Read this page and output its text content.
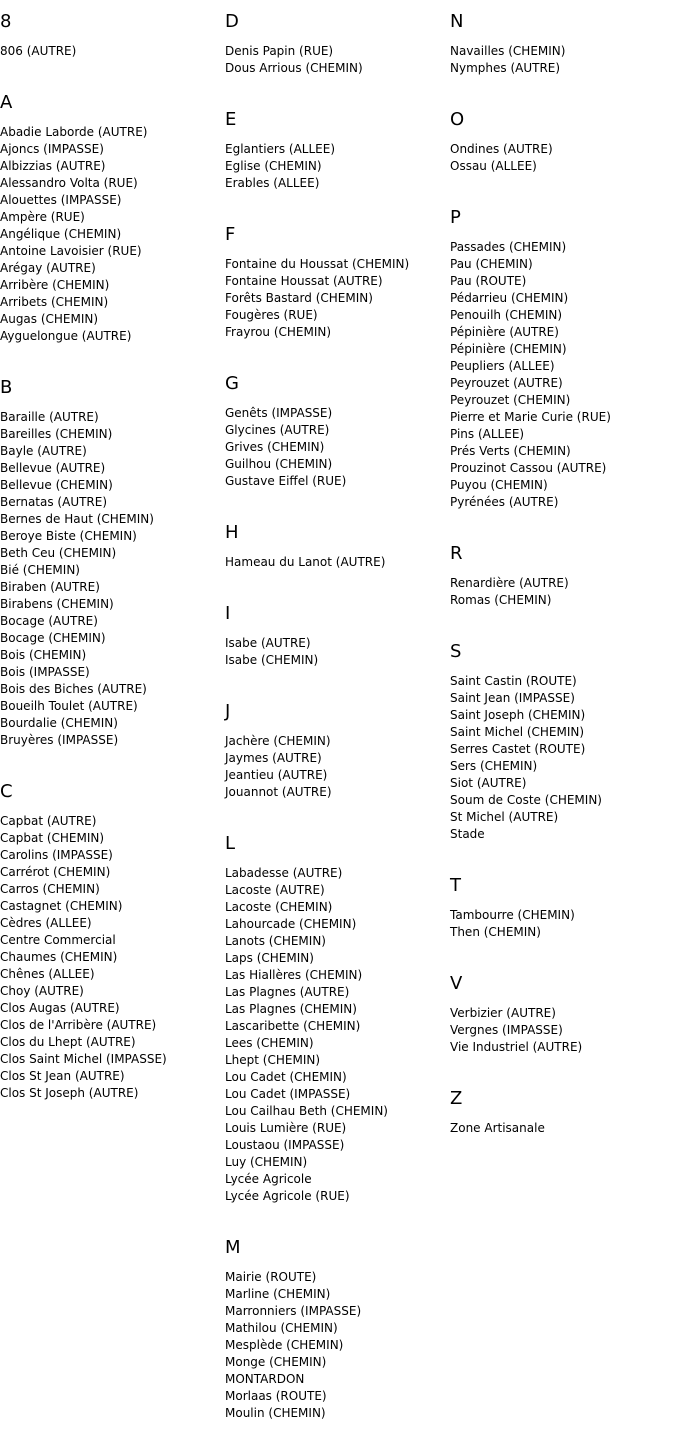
8
806 (AUTRE)
A
Abadie Laborde (AUTRE)
Ajoncs (IMPASSE)
Albizzias (AUTRE)
Alessandro Volta (RUE)
Alouettes (IMPASSE)
Ampère (RUE)
Angélique (CHEMIN)
Antoine Lavoisier (RUE)
Arégay (AUTRE)
Arribère (CHEMIN)
Arribets (CHEMIN)
Augas (CHEMIN)
Ayguelongue (AUTRE)
B
Baraille (AUTRE)
Bareilles (CHEMIN)
Bayle (AUTRE)
Bellevue (AUTRE)
Bellevue (CHEMIN)
Bernatas (AUTRE)
Bernes de Haut (CHEMIN)
Beroye Biste (CHEMIN)
Beth Ceu (CHEMIN)
Bié (CHEMIN)
Biraben (AUTRE)
Birabens (CHEMIN)
Bocage (AUTRE)
Bocage (CHEMIN)
Bois (CHEMIN)
Bois (IMPASSE)
Bois des Biches (AUTRE)
Boueilh Toulet (AUTRE)
Bourdalie (CHEMIN)
Bruyères (IMPASSE)
C
Capbat (AUTRE)
Capbat (CHEMIN)
Carolins (IMPASSE)
Carrérot (CHEMIN)
Carros (CHEMIN)
Castagnet (CHEMIN)
Cèdres (ALLEE)
Centre Commercial
Chaumes (CHEMIN)
Chênes (ALLEE)
Choy (AUTRE)
Clos Augas (AUTRE)
Clos de l'Arribère (AUTRE)
Clos du Lhept (AUTRE)
Clos Saint Michel (IMPASSE)
Clos St Jean (AUTRE)
Clos St Joseph (AUTRE)
D
Denis Papin (RUE)
Dous Arrious (CHEMIN)
E
Eglantiers (ALLEE)
Eglise (CHEMIN)
Erables (ALLEE)
F
Fontaine du Houssat (CHEMIN)
Fontaine Houssat (AUTRE)
Forêts Bastard (CHEMIN)
Fougères (RUE)
Frayrou (CHEMIN)
G
Genêts (IMPASSE)
Glycines (AUTRE)
Grives (CHEMIN)
Guilhou (CHEMIN)
Gustave Eiffel (RUE)
H
Hameau du Lanot (AUTRE)
I
Isabe (AUTRE)
Isabe (CHEMIN)
J
Jachère (CHEMIN)
Jaymes (AUTRE)
Jeantieu (AUTRE)
Jouannot (AUTRE)
L
Labadesse (AUTRE)
Lacoste (AUTRE)
Lacoste (CHEMIN)
Lahourcade (CHEMIN)
Lanots (CHEMIN)
Laps (CHEMIN)
Las Hiallères (CHEMIN)
Las Plagnes (AUTRE)
Las Plagnes (CHEMIN)
Lascaribette (CHEMIN)
Lees (CHEMIN)
Lhept (CHEMIN)
Lou Cadet (CHEMIN)
Lou Cadet (IMPASSE)
Lou Cailhau Beth (CHEMIN)
Louis Lumière (RUE)
Loustaou (IMPASSE)
Luy (CHEMIN)
Lycée Agricole
Lycée Agricole (RUE)
M
Mairie (ROUTE)
Marline (CHEMIN)
Marronniers (IMPASSE)
Mathilou (CHEMIN)
Mesplède (CHEMIN)
Monge (CHEMIN)
MONTARDON
Morlaas (ROUTE)
Moulin (CHEMIN)
N
Navailles (CHEMIN)
Nymphes (AUTRE)
O
Ondines (AUTRE)
Ossau (ALLEE)
P
Passades (CHEMIN)
Pau (CHEMIN)
Pau (ROUTE)
Pédarrieu (CHEMIN)
Penouilh (CHEMIN)
Pépinière (AUTRE)
Pépinière (CHEMIN)
Peupliers (ALLEE)
Peyrouzet (AUTRE)
Peyrouzet (CHEMIN)
Pierre et Marie Curie (RUE)
Pins (ALLEE)
Prés Verts (CHEMIN)
Prouzinot Cassou (AUTRE)
Puyou (CHEMIN)
Pyrénées (AUTRE)
R
Renardière (AUTRE)
Romas (CHEMIN)
S
Saint Castin (ROUTE)
Saint Jean (IMPASSE)
Saint Joseph (CHEMIN)
Saint Michel (CHEMIN)
Serres Castet (ROUTE)
Sers (CHEMIN)
Siot (AUTRE)
Soum de Coste (CHEMIN)
St Michel (AUTRE)
Stade
T
Tambourre (CHEMIN)
Then (CHEMIN)
V
Verbizier (AUTRE)
Vergnes (IMPASSE)
Vie Industriel (AUTRE)
Z
Zone Artisanale
